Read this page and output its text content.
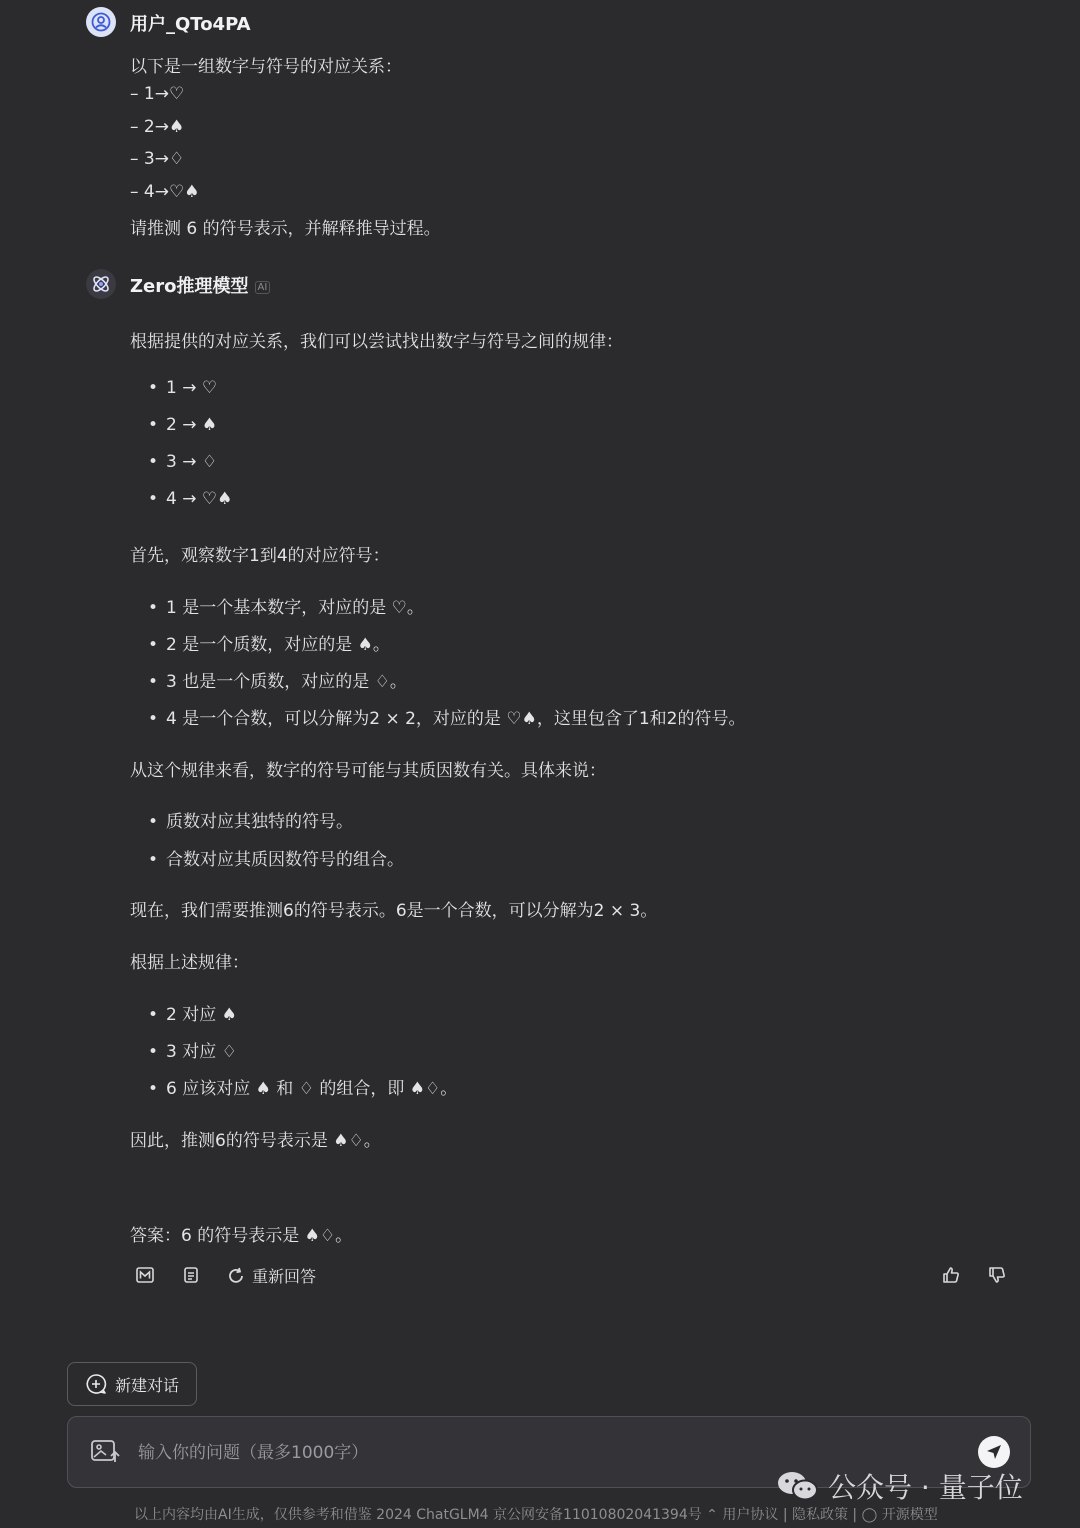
用户_QTo4PA
以下是一组数字与符号的对应关系：
– 1→♡
– 2→♠
– 3→♢
– 4→♡♠
请推测 6 的符号表示，并解释推导过程。
Zero推理模型 AI
根据提供的对应关系，我们可以尝试找出数字与符号之间的规律：
• 1 → ♡
• 2 → ♠
• 3 → ♢
• 4 → ♡♠
首先，观察数字1到4的对应符号：
• 1 是一个基本数字，对应的是 ♡。
• 2 是一个质数，对应的是 ♠。
• 3 也是一个质数，对应的是 ♢。
• 4 是一个合数，可以分解为2 × 2，对应的是 ♡♠，这里包含了1和2的符号。
从这个规律来看，数字的符号可能与其质因数有关。具体来说：
• 质数对应其独特的符号。
• 合数对应其质因数符号的组合。
现在，我们需要推测6的符号表示。6是一个合数，可以分解为2 × 3。
根据上述规律：
• 2 对应 ♠
• 3 对应 ♢
• 6 应该对应 ♠ 和 ♢ 的组合，即 ♠♢。
因此，推测6的符号表示是 ♠♢。
答案：6 的符号表示是 ♠♢。
重新回答
新建对话
输入你的问题（最多1000字）
公众号 · 量子位
以上内容均由AI生成，仅供参考和借鉴 2024 ChatGLM4 京公网安备11010802041394号 ⌃ 用户协议 | 隐私政策 | ◯ 开源模型
